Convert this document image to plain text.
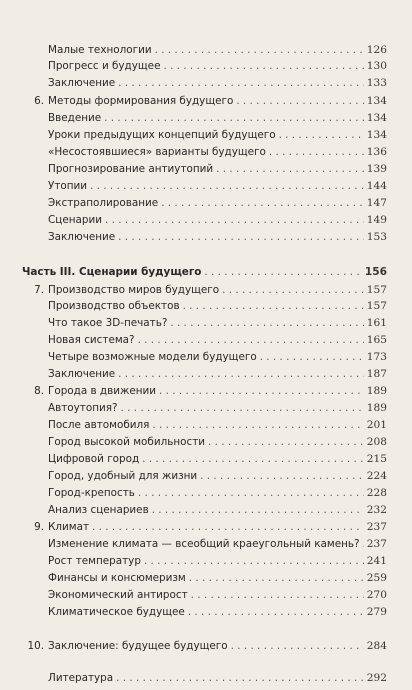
Малые технологии . . .	126
Прогресс и будущее . . .	130
Заключение . . .	133
6. Методы формирования будущего . . .	134
Введение . . .	134
Уроки предыдущих концепций будущего . . .	134
«Несостоявшиеся» варианты будущего . . .	136
Прогнозирование антиутопий . . .	139
Утопии . . .	144
Экстраполирование . . .	147
Сценарии . . .	149
Заключение . . .	153
Часть III. Сценарии будущего . . .	156
7. Производство миров будущего . . .	157
Производство объектов . . .	157
Что такое 3D-печать? . . .	161
Новая система? . . .	165
Четыре возможные модели будущего . . .	173
Заключение . . .	187
8. Города в движении . . .	189
Автоутопия? . . .	189
После автомобиля . . .	201
Город высокой мобильности . . .	208
Цифровой город . . .	215
Город, удобный для жизни . . .	224
Город-крепость . . .	228
Анализ сценариев . . .	232
9. Климат . . .	237
Изменение климата — всеобщий краеугольный камень? . . . 237
Рост температур . . .	241
Финансы и консюмеризм . . .	259
Экономический антирост . . .	270
Климатическое будущее . . .	279
10. Заключение: будущее будущего . . .	284
Литература . . .	292
